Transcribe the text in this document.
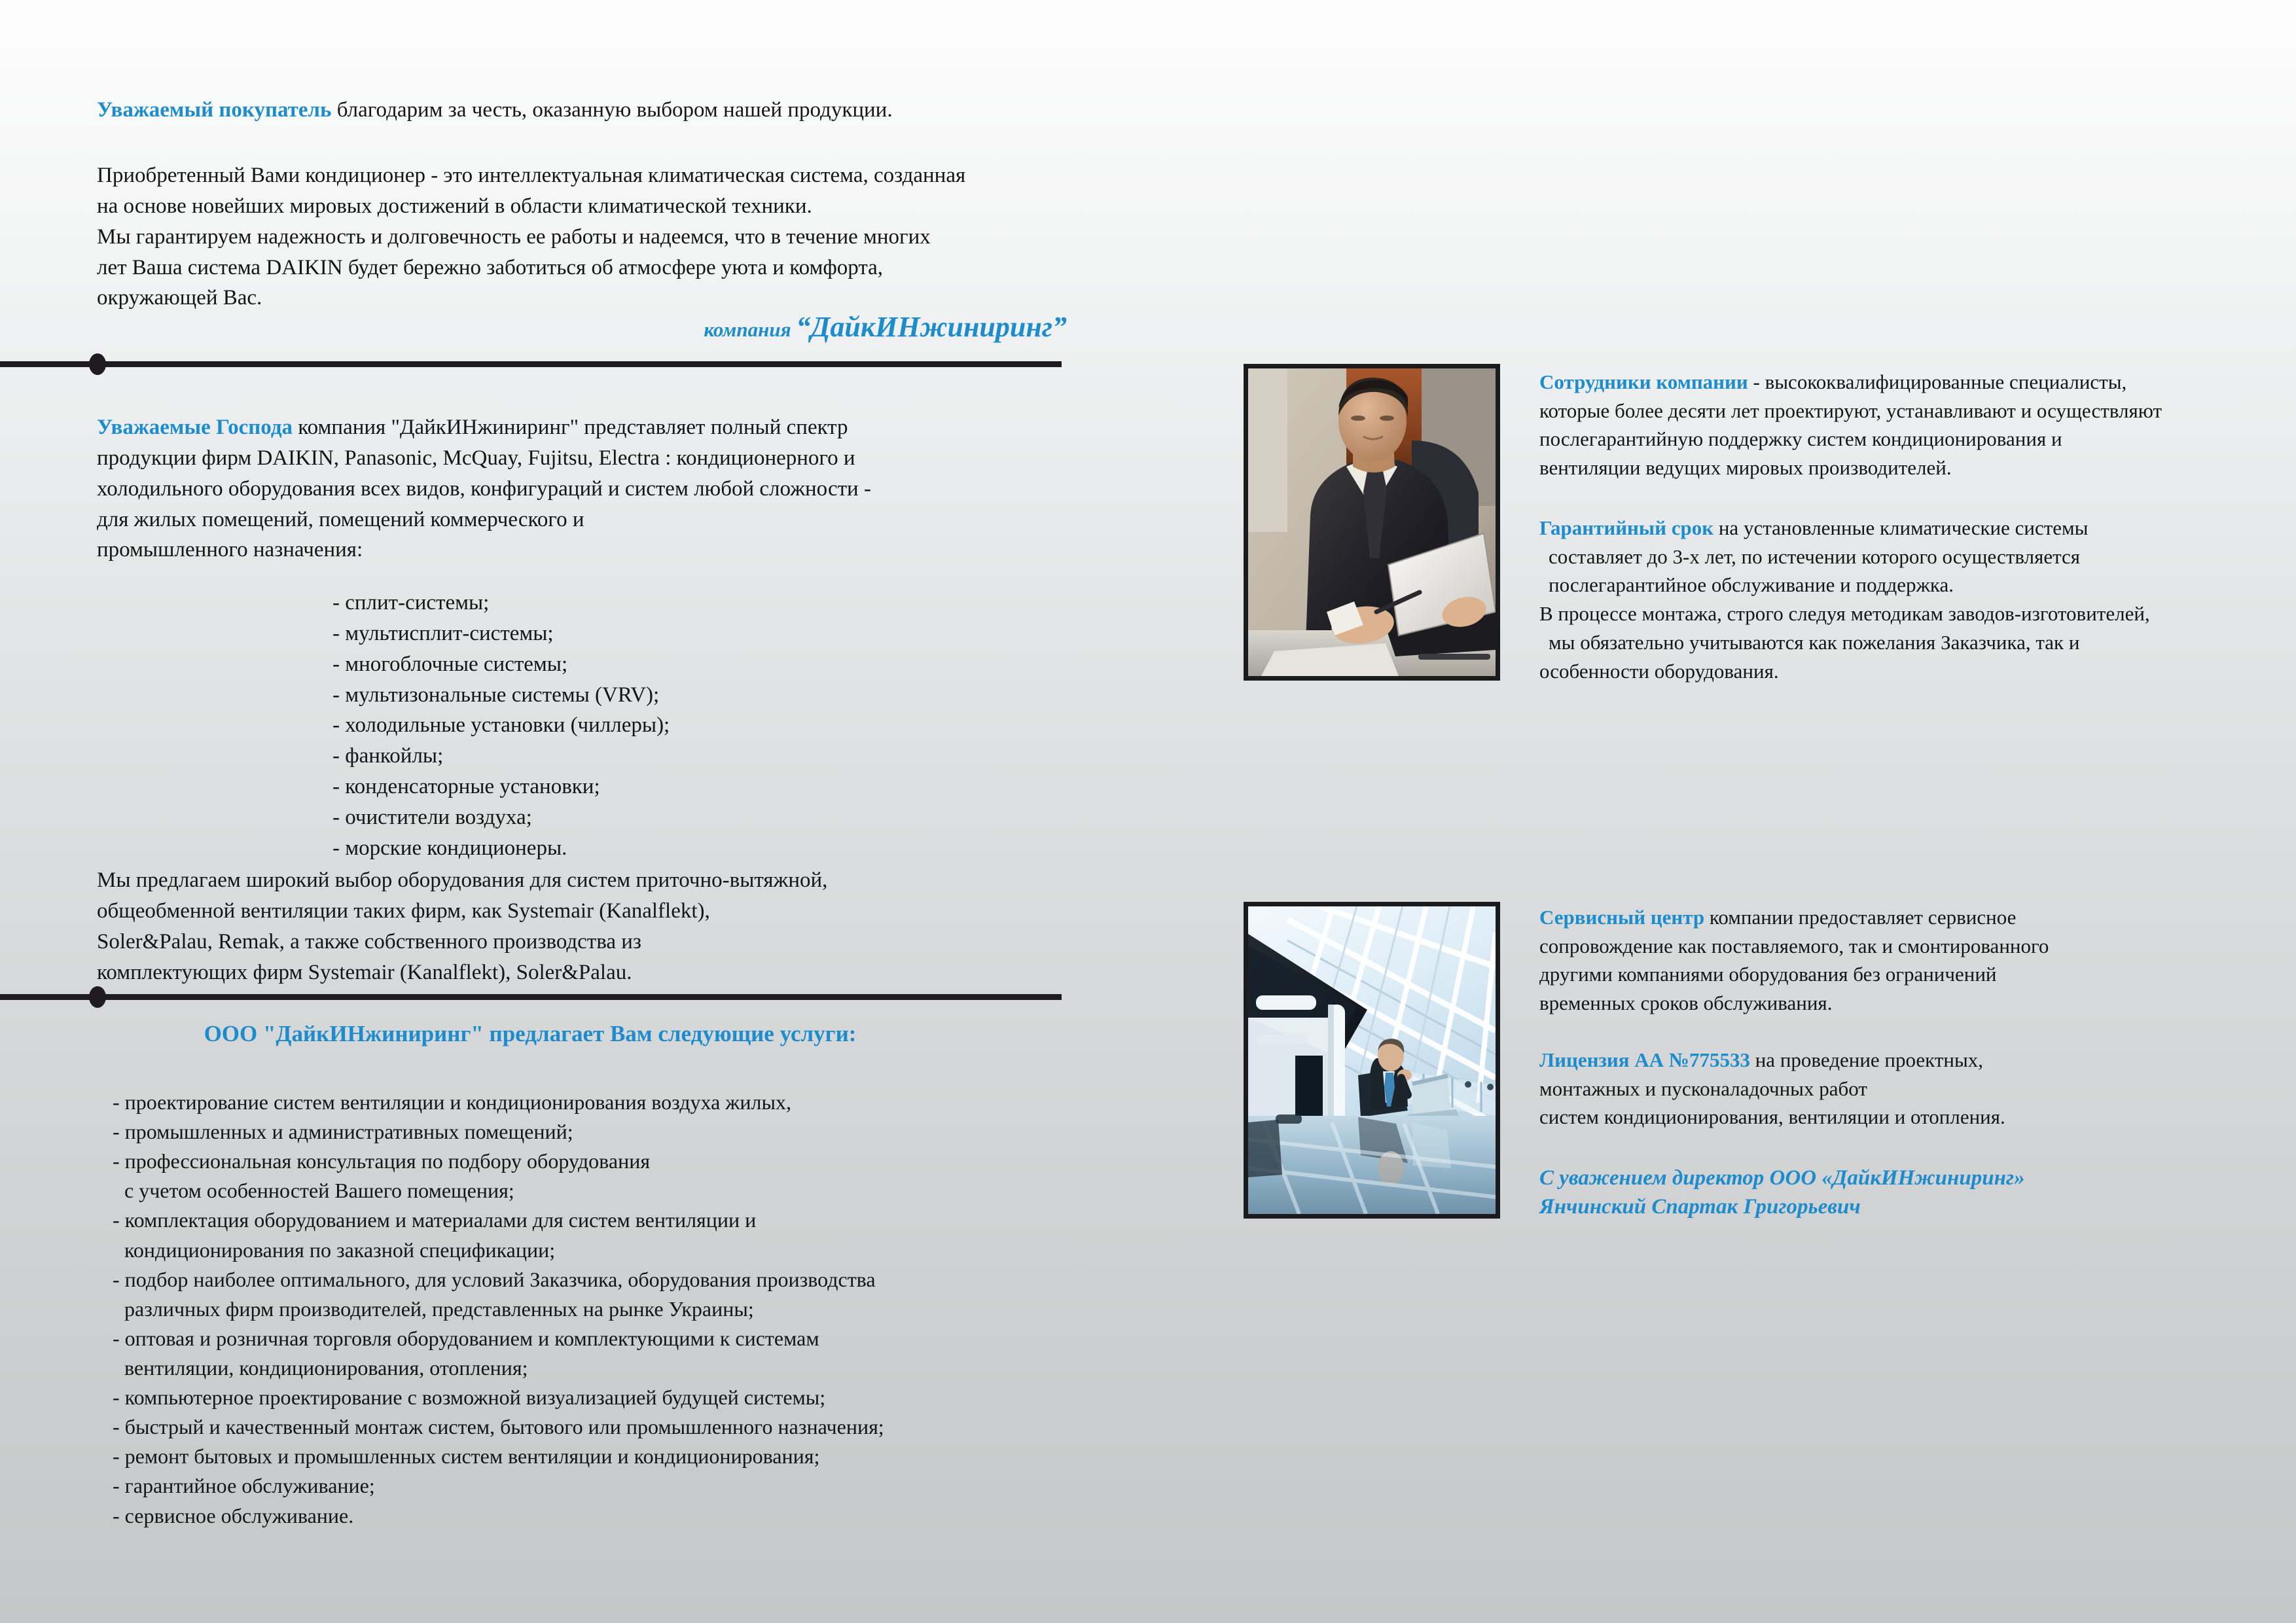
Уважаемый покупатель благодарим за честь, оказанную выбором нашей продукции.
Приобретенный Вами кондиционер - это интеллектуальная климатическая система, созданная
на основе новейших мировых достижений в области климатической техники.
Мы гарантируем надежность и долговечность ее работы и надеемся, что в течение многих
лет Ваша система DAIKIN будет бережно заботиться об атмосфере уюта и комфорта,
окружающей Вас.
компания “ДайкИНжиниринг”
Уважаемые Господа компания "ДайкИНжиниринг" представляет полный спектр
продукции фирм DAIKIN, Panasonic, McQuay, Fujitsu, Electra : кондиционерного и
холодильного оборудования всех видов, конфигураций и систем любой сложности -
для жилых помещений, помещений коммерческого и
промышленного назначения:
- сплит-системы;
- мультисплит-системы;
- многоблочные системы;
- мультизональные системы (VRV);
- холодильные установки (чиллеры);
- фанкойлы;
- конденсаторные установки;
- очистители воздуха;
- морские кондиционеры.
Мы предлагаем широкий выбор оборудования для систем приточно-вытяжной,
общеобменной вентиляции таких фирм, как Systemair (Kanalflekt),
Soler&Palau, Remak, а также собственного производства из
комплектующих фирм Systemair (Kanalflekt), Soler&Palau.
ООО "ДайкИНжиниринг" предлагает Вам следующие услуги:
- проектирование систем вентиляции и кондиционирования воздуха жилых,
- промышленных и административных помещений;
- профессиональная консультация по подбору оборудования
с учетом особенностей Вашего помещения;
- комплектация оборудованием и материалами для систем вентиляции и
кондиционирования по заказной спецификации;
- подбор наиболее оптимального, для условий Заказчика, оборудования производства
различных фирм производителей, представленных на рынке Украины;
- оптовая и розничная торговля оборудованием и комплектующими к системам
вентиляции, кондиционирования, отопления;
- компьютерное проектирование с возможной визуализацией будущей системы;
- быстрый и качественный монтаж систем, бытового или промышленного назначения;
- ремонт бытовых и промышленных систем вентиляции и кондиционирования;
- гарантийное обслуживание;
- сервисное обслуживание.
Сотрудники компании - высококвалифицированные специалисты,
которые более десяти лет проектируют, устанавливают и осуществляют
послегарантийную поддержку систем кондиционирования и
вентиляции ведущих мировых производителей.
Гарантийный срок на установленные климатические системы
составляет до 3-х лет, по истечении которого осуществляется
послегарантийное обслуживание и поддержка.
В процессе монтажа, строго следуя методикам заводов-изготовителей,
мы обязательно учитываются как пожелания Заказчика, так и
особенности оборудования.
Сервисный центр компании предоставляет сервисное
сопровождение как поставляемого, так и смонтированного
другими компаниями оборудования без ограничений
временных сроков обслуживания.
Лицензия АА №775533 на проведение проектных,
монтажных и пусконаладочных работ
систем кондиционирования, вентиляции и отопления.
С уважением директор ООО «ДайкИНжиниринг»
Янчинский Спартак Григорьевич
